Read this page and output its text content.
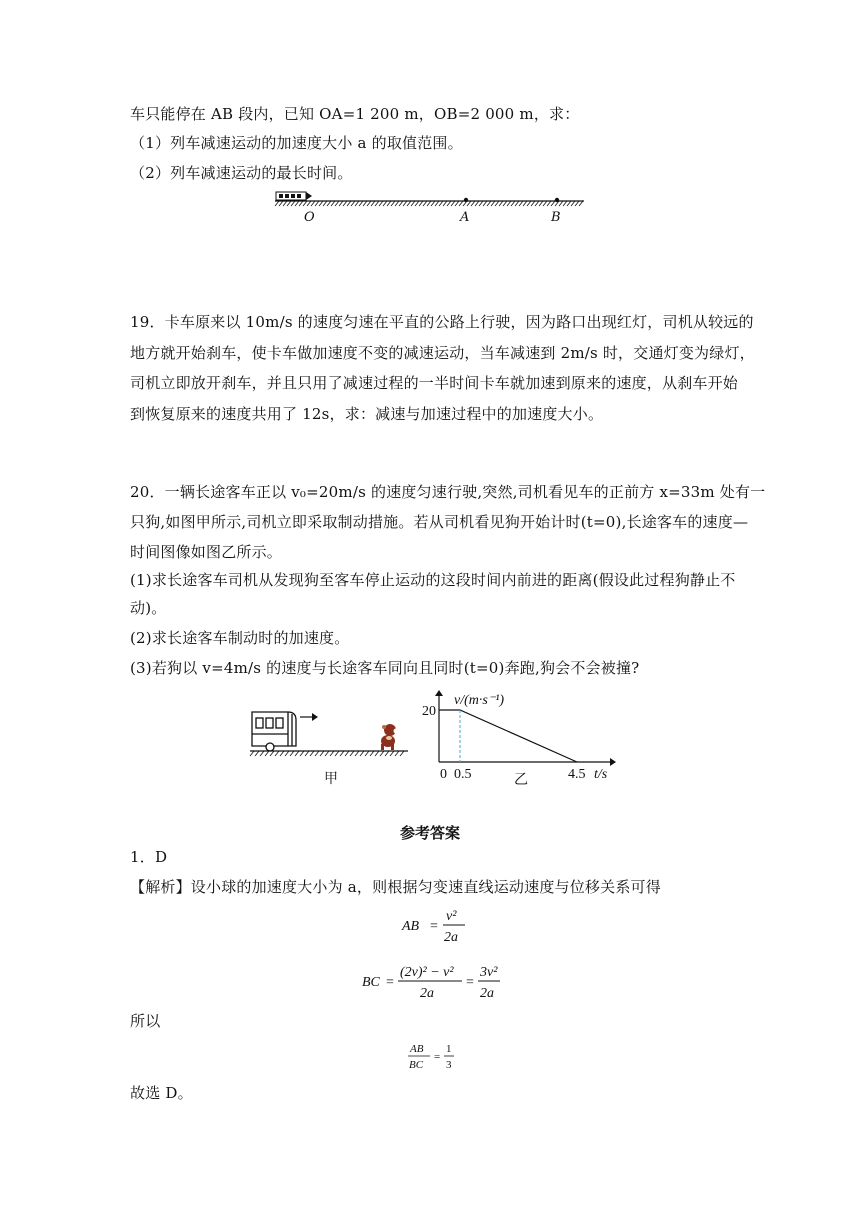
车只能停在 AB 段内，已知 OA=1 200 m，OB=2 000 m，求：
（1）列车减速运动的加速度大小 a 的取值范围。
（2）列车减速运动的最长时间。
O	A	B
19．卡车原来以 10m/s 的速度匀速在平直的公路上行驶，因为路口出现红灯，司机从较远的
地方就开始刹车，使卡车做加速度不变的减速运动，当车减速到 2m/s 时，交通灯变为绿灯，
司机立即放开刹车，并且只用了减速过程的一半时间卡车就加速到原来的速度，从刹车开始
到恢复原来的速度共用了 12s，求：减速与加速过程中的加速度大小。
20．一辆长途客车正以 v₀=20m/s 的速度匀速行驶,突然,司机看见车的正前方 x=33m 处有一
只狗,如图甲所示,司机立即采取制动措施。若从司机看见狗开始计时(t=0),长途客车的速度—
时间图像如图乙所示。
(1)求长途客车司机从发现狗至客车停止运动的这段时间内前进的距离(假设此过程狗静止不
动)。
(2)求长途客车制动时的加速度。
(3)若狗以 v=4m/s 的速度与长途客车同向且同时(t=0)奔跑,狗会不会被撞?
甲
v/(m·s⁻¹)
20
0 0.5	4.5 t/s
乙
参考答案
1．D
【解析】设小球的加速度大小为 a，则根据匀变速直线运动速度与位移关系可得
AB =
v²
2a
BC =
(2v)² − v²
2a
=
3v²
2a
所以
AB
BC
=
1
3
故选 D。
